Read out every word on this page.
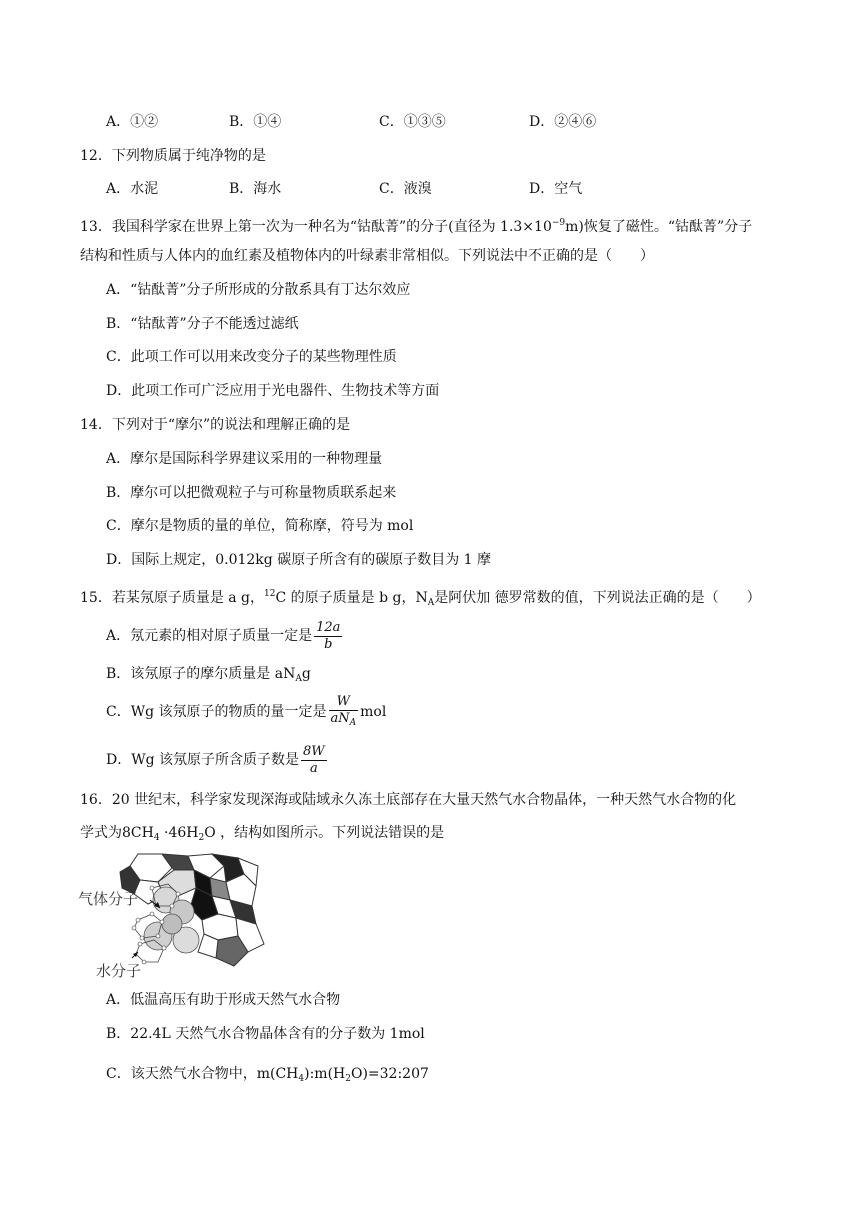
A．①②	B．①④	C．①③⑤	D．②④⑥
12．下列物质属于纯净物的是
A．水泥	B．海水	C．液溴	D．空气
13．我国科学家在世界上第一次为一种名为“钴酞菁”的分子(直径为 $1.3\times 10^{-9}m$)恢复了磁性。“钴酞菁”分子
结构和性质与人体内的血红素及植物体内的叶绿素非常相似。下列说法中不正确的是（　　）
A．“钴酞菁”分子所形成的分散系具有丁达尔效应
B．“钴酞菁”分子不能透过滤纸
C．此项工作可以用来改变分子的某些物理性质
D．此项工作可广泛应用于光电器件、生物技术等方面
14．下列对于“摩尔”的说法和理解正确的是
A．摩尔是国际科学界建议采用的一种物理量
B．摩尔可以把微观粒子与可称量物质联系起来
C．摩尔是物质的量的单位，简称摩，符号为 mol
D．国际上规定，0.012kg 碳原子所含有的碳原子数目为 1 摩
15．若某氖原子质量是 a g，$^{12}$C 的原子质量是 b g，$N_A$是阿伏加 德罗常数的值，下列说法正确的是（　　）
A．氖元素的相对原子质量一定是 $\frac{12a}{b}$
B．该氖原子的摩尔质量是 $aN_Ag$
C．Wg 该氖原子的物质的量一定是 $\frac{W}{aN_A}$ mol
D．Wg 该氖原子所含质子数是 $\frac{8W}{a}$
16．20 世纪末，科学家发现深海或陆域永久冻土底部存在大量天然气水合物晶体，一种天然气水合物的化
学式为$8CH_4 \cdot 46H_2O$ ，结构如图所示。下列说法错误的是
气体分子
水分子
A．低温高压有助于形成天然气水合物
B．22.4L 天然气水合物晶体含有的分子数为 1mol
C．该天然气水合物中，$m(CH_4):m(H_2O)=32:207$
